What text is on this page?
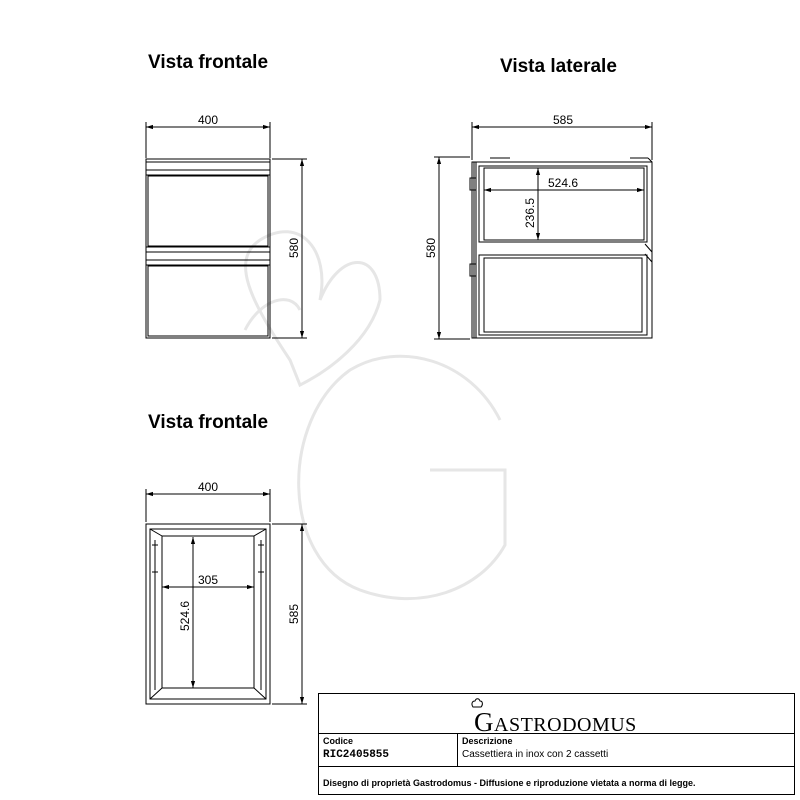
400
580
585
580
524.6
236.5
400
585
305
524.6
Vista frontale	Vista laterale
Vista frontale
GASTRODOMUS
Codice
RIC2405855
Descrizione
Cassettiera in inox con 2 cassetti
Disegno di proprietà Gastrodomus - Diffusione e riproduzione vietata a norma di legge.
